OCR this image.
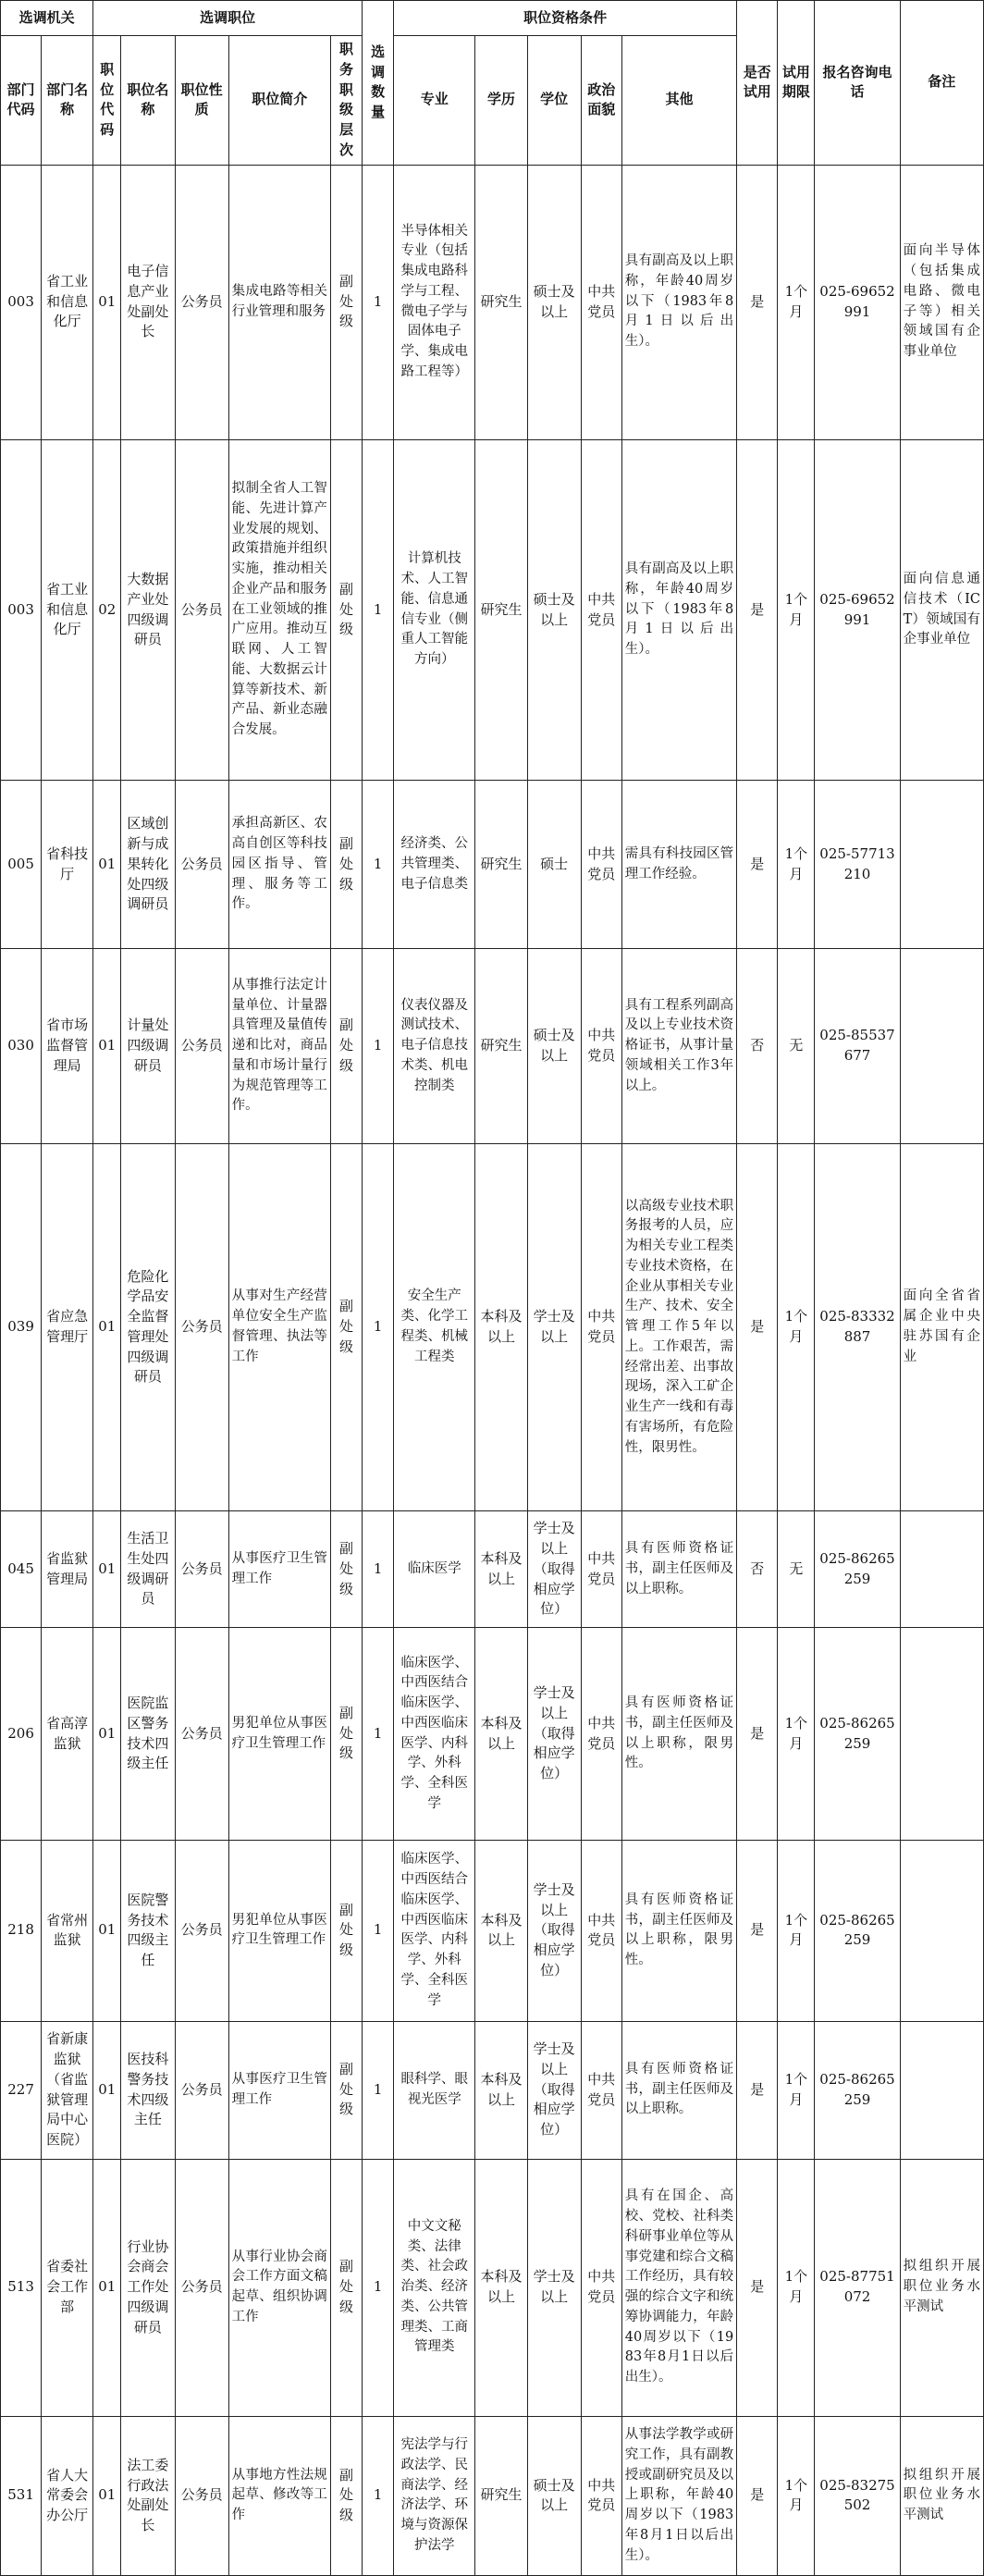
选调机关		选调职位					选调数量	职位资格条件					是否试用	试用期限	报名咨询电话	备注
部门代码	部门名称	职位代码	职位名称	职位性质	职位简介	职务职级层次		专业	学历	学位	政治面貌	其他				
003	省工业和信息化厅	01	电子信息产业处副处长	公务员	集成电路等相关行业管理和服务	副处级	1	半导体相关专业（包括集成电路科学与工程、微电子学与固体电子学、集成电路工程等）	研究生	硕士及以上	中共党员	具有副高及以上职称，年龄40周岁以下（1983年8月1日以后出生）。	是	1个月	025-69652991	面向半导体（包括集成电路、微电子等）相关领域国有企事业单位
003	省工业和信息化厅	02	大数据产业处四级调研员	公务员	拟制全省人工智能、先进计算产业发展的规划、政策措施并组织实施，推动相关企业产品和服务在工业领域的推广应用。推动互联网、人工智能、大数据云计算等新技术、新产品、新业态融合发展。	副处级	1	计算机技术、人工智能、信息通信专业（侧重人工智能方向）	研究生	硕士及以上	中共党员	具有副高及以上职称，年龄40周岁以下（1983年8月1日以后出生）。	是	1个月	025-69652991	面向信息通信技术（ICT）领域国有企事业单位
005	省科技厅	01	区域创新与成果转化处四级调研员	公务员	承担高新区、农高自创区等科技园区指导、管理、服务等工作。	副处级	1	经济类、公共管理类、电子信息类	研究生	硕士	中共党员	需具有科技园区管理工作经验。	是	1个月	025-57713210	
030	省市场监督管理局	01	计量处四级调研员	公务员	从事推行法定计量单位、计量器具管理及量值传递和比对，商品量和市场计量行为规范管理等工作。	副处级	1	仪表仪器及测试技术、电子信息技术类、机电控制类	研究生	硕士及以上	中共党员	具有工程系列副高及以上专业技术资格证书，从事计量领域相关工作3年以上。	否	无	025-85537677	
039	省应急管理厅	01	危险化学品安全监督管理处四级调研员	公务员	从事对生产经营单位安全生产监督管理、执法等工作	副处级	1	安全生产类、化学工程类、机械工程类	本科及以上	学士及以上	中共党员	以高级专业技术职务报考的人员，应为相关专业工程类专业技术资格，在企业从事相关专业生产、技术、安全管理工作5年以上。工作艰苦，需经常出差、出事故现场，深入工矿企业生产一线和有毒有害场所，有危险性，限男性。	是	1个月	025-83332887	面向全省省属企业中央驻苏国有企业
045	省监狱管理局	01	生活卫生处四级调研员	公务员	从事医疗卫生管理工作	副处级	1	临床医学	本科及以上	学士及以上（取得相应学位）	中共党员	具有医师资格证书，副主任医师及以上职称。	否	无	025-86265259	
206	省高淳监狱	01	医院监区警务技术四级主任	公务员	男犯单位从事医疗卫生管理工作	副处级	1	临床医学、中西医结合临床医学、中西医临床医学、内科学、外科学、全科医学	本科及以上	学士及以上（取得相应学位）	中共党员	具有医师资格证书，副主任医师及以上职称，限男性。	是	1个月	025-86265259	
218	省常州监狱	01	医院警务技术四级主任	公务员	男犯单位从事医疗卫生管理工作	副处级	1	临床医学、中西医结合临床医学、中西医临床医学、内科学、外科学、全科医学	本科及以上	学士及以上（取得相应学位）	中共党员	具有医师资格证书，副主任医师及以上职称，限男性。	是	1个月	025-86265259	
227	省新康监狱（省监狱管理局中心医院）	01	医技科警务技术四级主任	公务员	从事医疗卫生管理工作	副处级	1	眼科学、眼视光医学	本科及以上	学士及以上（取得相应学位）	中共党员	具有医师资格证书，副主任医师及以上职称。	是	1个月	025-86265259	
513	省委社会工作部	01	行业协会商会工作处四级调研员	公务员	从事行业协会商会工作方面文稿起草、组织协调工作	副处级	1	中文文秘类、法律类、社会政治类、经济类、公共管理类、工商管理类	本科及以上	学士及以上	中共党员	具有在国企、高校、党校、社科类科研事业单位等从事党建和综合文稿工作经历，具有较强的综合文字和统筹协调能力，年龄40周岁以下（1983年8月1日以后出生）。	是	1个月	025-87751072	拟组织开展职位业务水平测试
531	省人大常委会办公厅	01	法工委行政法处副处长	公务员	从事地方性法规起草、修改等工作	副处级	1	宪法学与行政法学、民商法学、经济法学、环境与资源保护法学	研究生	硕士及以上	中共党员	从事法学教学或研究工作，具有副教授或副研究员及以上职称，年龄40周岁以下（1983年8月1日以后出生）。	是	1个月	025-83275502	拟组织开展职位业务水平测试
